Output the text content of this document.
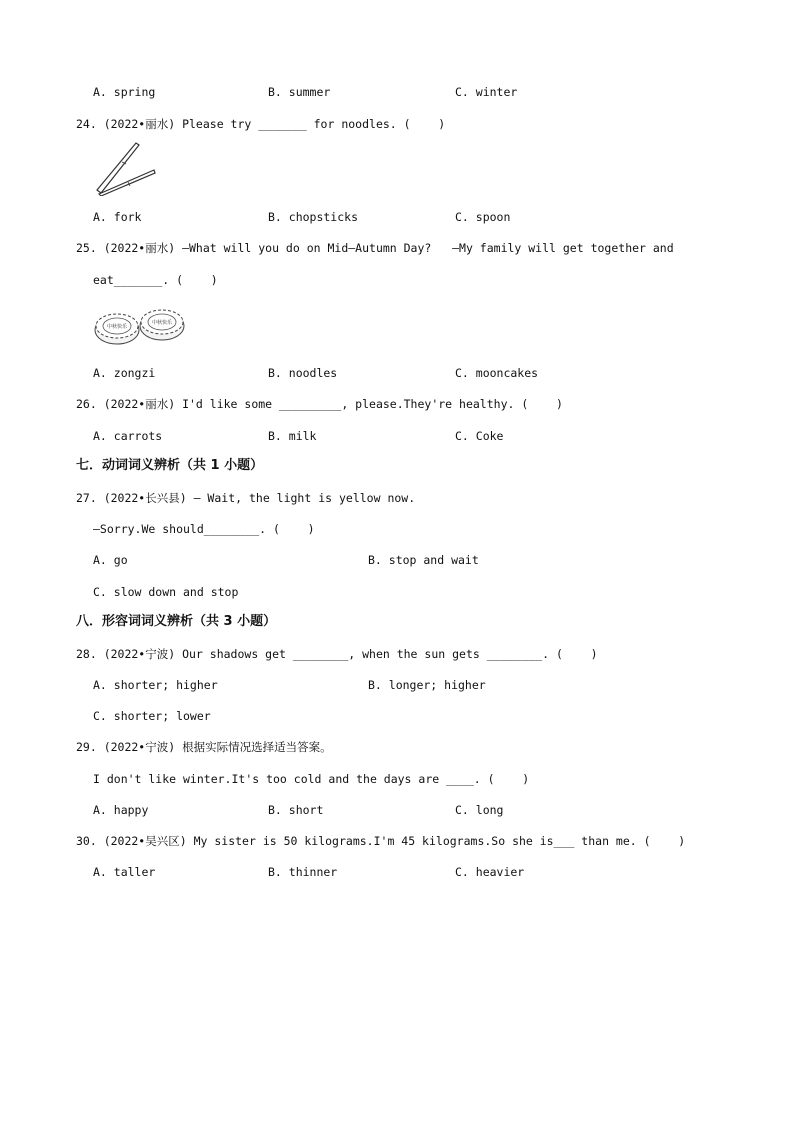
A. spring	B. summer	C. winter
24. (2022•丽水) Please try _______ for noodles. (    )
A. fork	B. chopsticks	C. spoon
25. (2022•丽水) –What will you do on Mid–Autumn Day?   –My family will get together and
eat_______. (    )
中秋快乐
中秋快乐
A. zongzi	B. noodles	C. mooncakes
26. (2022•丽水) I'd like some _________, please.They're healthy. (    )
A. carrots	B. milk	C. Coke
七．动词词义辨析（共 1 小题）
27. (2022•长兴县) – Wait, the light is yellow now.
–Sorry.We should________. (    )
A. go	B. stop and wait
C. slow down and stop
八．形容词词义辨析（共 3 小题）
28. (2022•宁波) Our shadows get ________, when the sun gets ________. (    )
A. shorter; higher	B. longer; higher
C. shorter; lower
29. (2022•宁波) 根据实际情况选择适当答案。
I don't like winter.It's too cold and the days are ____. (    )
A. happy	B. short	C. long
30. (2022•吴兴区) My sister is 50 kilograms.I'm 45 kilograms.So she is___ than me. (    )
A. taller	B. thinner	C. heavier
